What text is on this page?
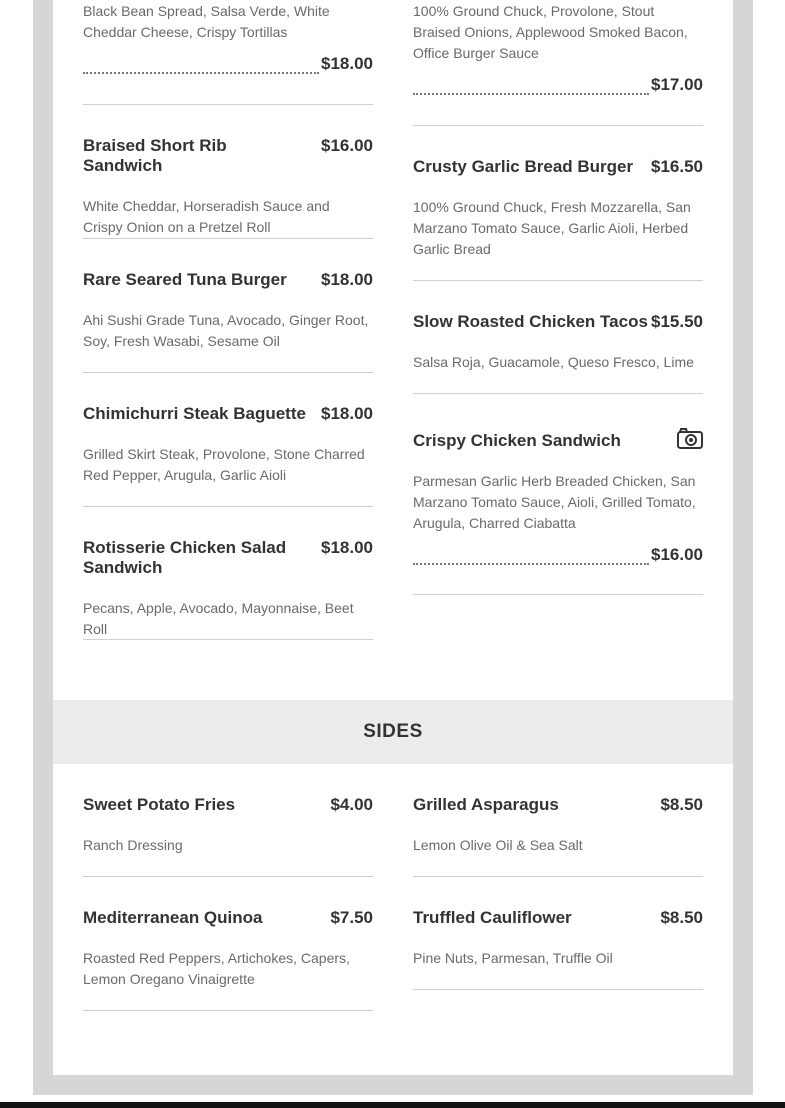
Black Bean Spread, Salsa Verde, White Cheddar Cheese, Crispy Tortillas
$18.00
Braised Short Rib Sandwich
$16.00
White Cheddar, Horseradish Sauce and Crispy Onion on a Pretzel Roll
Rare Seared Tuna Burger $18.00
Ahi Sushi Grade Tuna, Avocado, Ginger Root, Soy, Fresh Wasabi, Sesame Oil
Chimichurri Steak Baguette $18.00
Grilled Skirt Steak, Provolone, Stone Charred Red Pepper, Arugula, Garlic Aioli
Rotisserie Chicken Salad Sandwich
$18.00
Pecans, Apple, Avocado, Mayonnaise, Beet Roll
100% Ground Chuck, Provolone, Stout Braised Onions, Applewood Smoked Bacon, Office Burger Sauce
$17.00
Crusty Garlic Bread Burger $16.50
100% Ground Chuck, Fresh Mozzarella, San Marzano Tomato Sauce, Garlic Aioli, Herbed Garlic Bread
Slow Roasted Chicken Tacos $15.50
Salsa Roja, Guacamole, Queso Fresco, Lime
Crispy Chicken Sandwich
Parmesan Garlic Herb Breaded Chicken, San Marzano Tomato Sauce, Aioli, Grilled Tomato, Arugula, Charred Ciabatta
$16.00
SIDES
Sweet Potato Fries	$4.00
Ranch Dressing
Mediterranean Quinoa	$7.50
Roasted Red Peppers, Artichokes, Capers, Lemon Oregano Vinaigrette
Grilled Asparagus	$8.50
Lemon Olive Oil & Sea Salt
Truffled Cauliflower	$8.50
Pine Nuts, Parmesan, Truffle Oil
